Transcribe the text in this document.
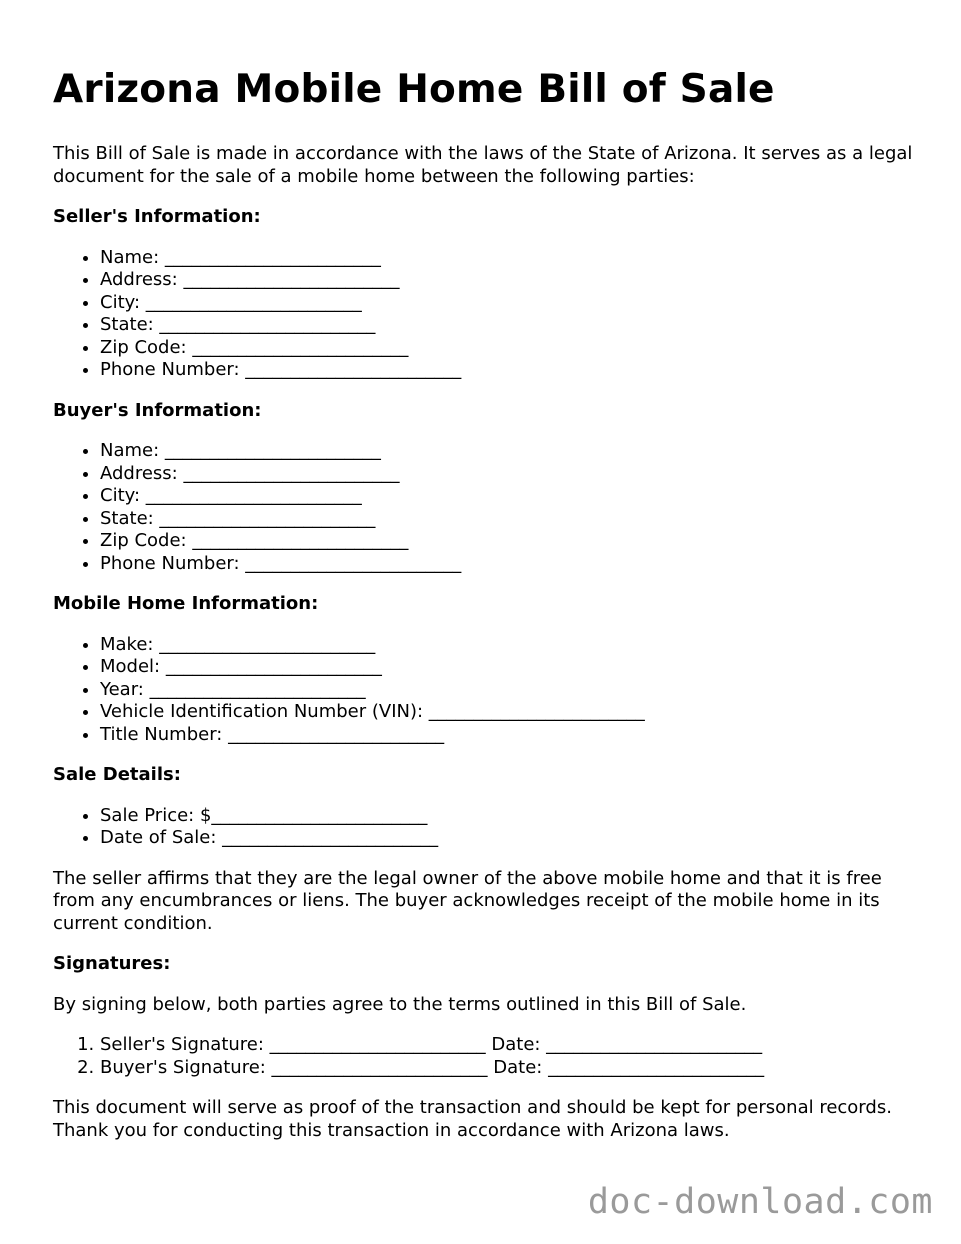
Arizona Mobile Home Bill of Sale

This Bill of Sale is made in accordance with the laws of the State of Arizona. It serves as a legal document for the sale of a mobile home between the following parties:

Seller's Information:
• Name: ________________________
• Address: ________________________
• City: ________________________
• State: ________________________
• Zip Code: ________________________
• Phone Number: ________________________
Buyer's Information:
• Name: ________________________
• Address: ________________________
• City: ________________________
• State: ________________________
• Zip Code: ________________________
• Phone Number: ________________________
Mobile Home Information:
• Make: ________________________
• Model: ________________________
• Year: ________________________
• Vehicle Identification Number (VIN): ________________________
• Title Number: ________________________
Sale Details:
• Sale Price: $________________________
• Date of Sale: ________________________

The seller affirms that they are the legal owner of the above mobile home and that it is free from any encumbrances or liens. The buyer acknowledges receipt of the mobile home in its current condition.

Signatures:

By signing below, both parties agree to the terms outlined in this Bill of Sale.

1. Seller's Signature: ________________________ Date: ________________________
2. Buyer's Signature: ________________________ Date: ________________________

This document will serve as proof of the transaction and should be kept for personal records. Thank you for conducting this transaction in accordance with Arizona laws.

doc-download.com
